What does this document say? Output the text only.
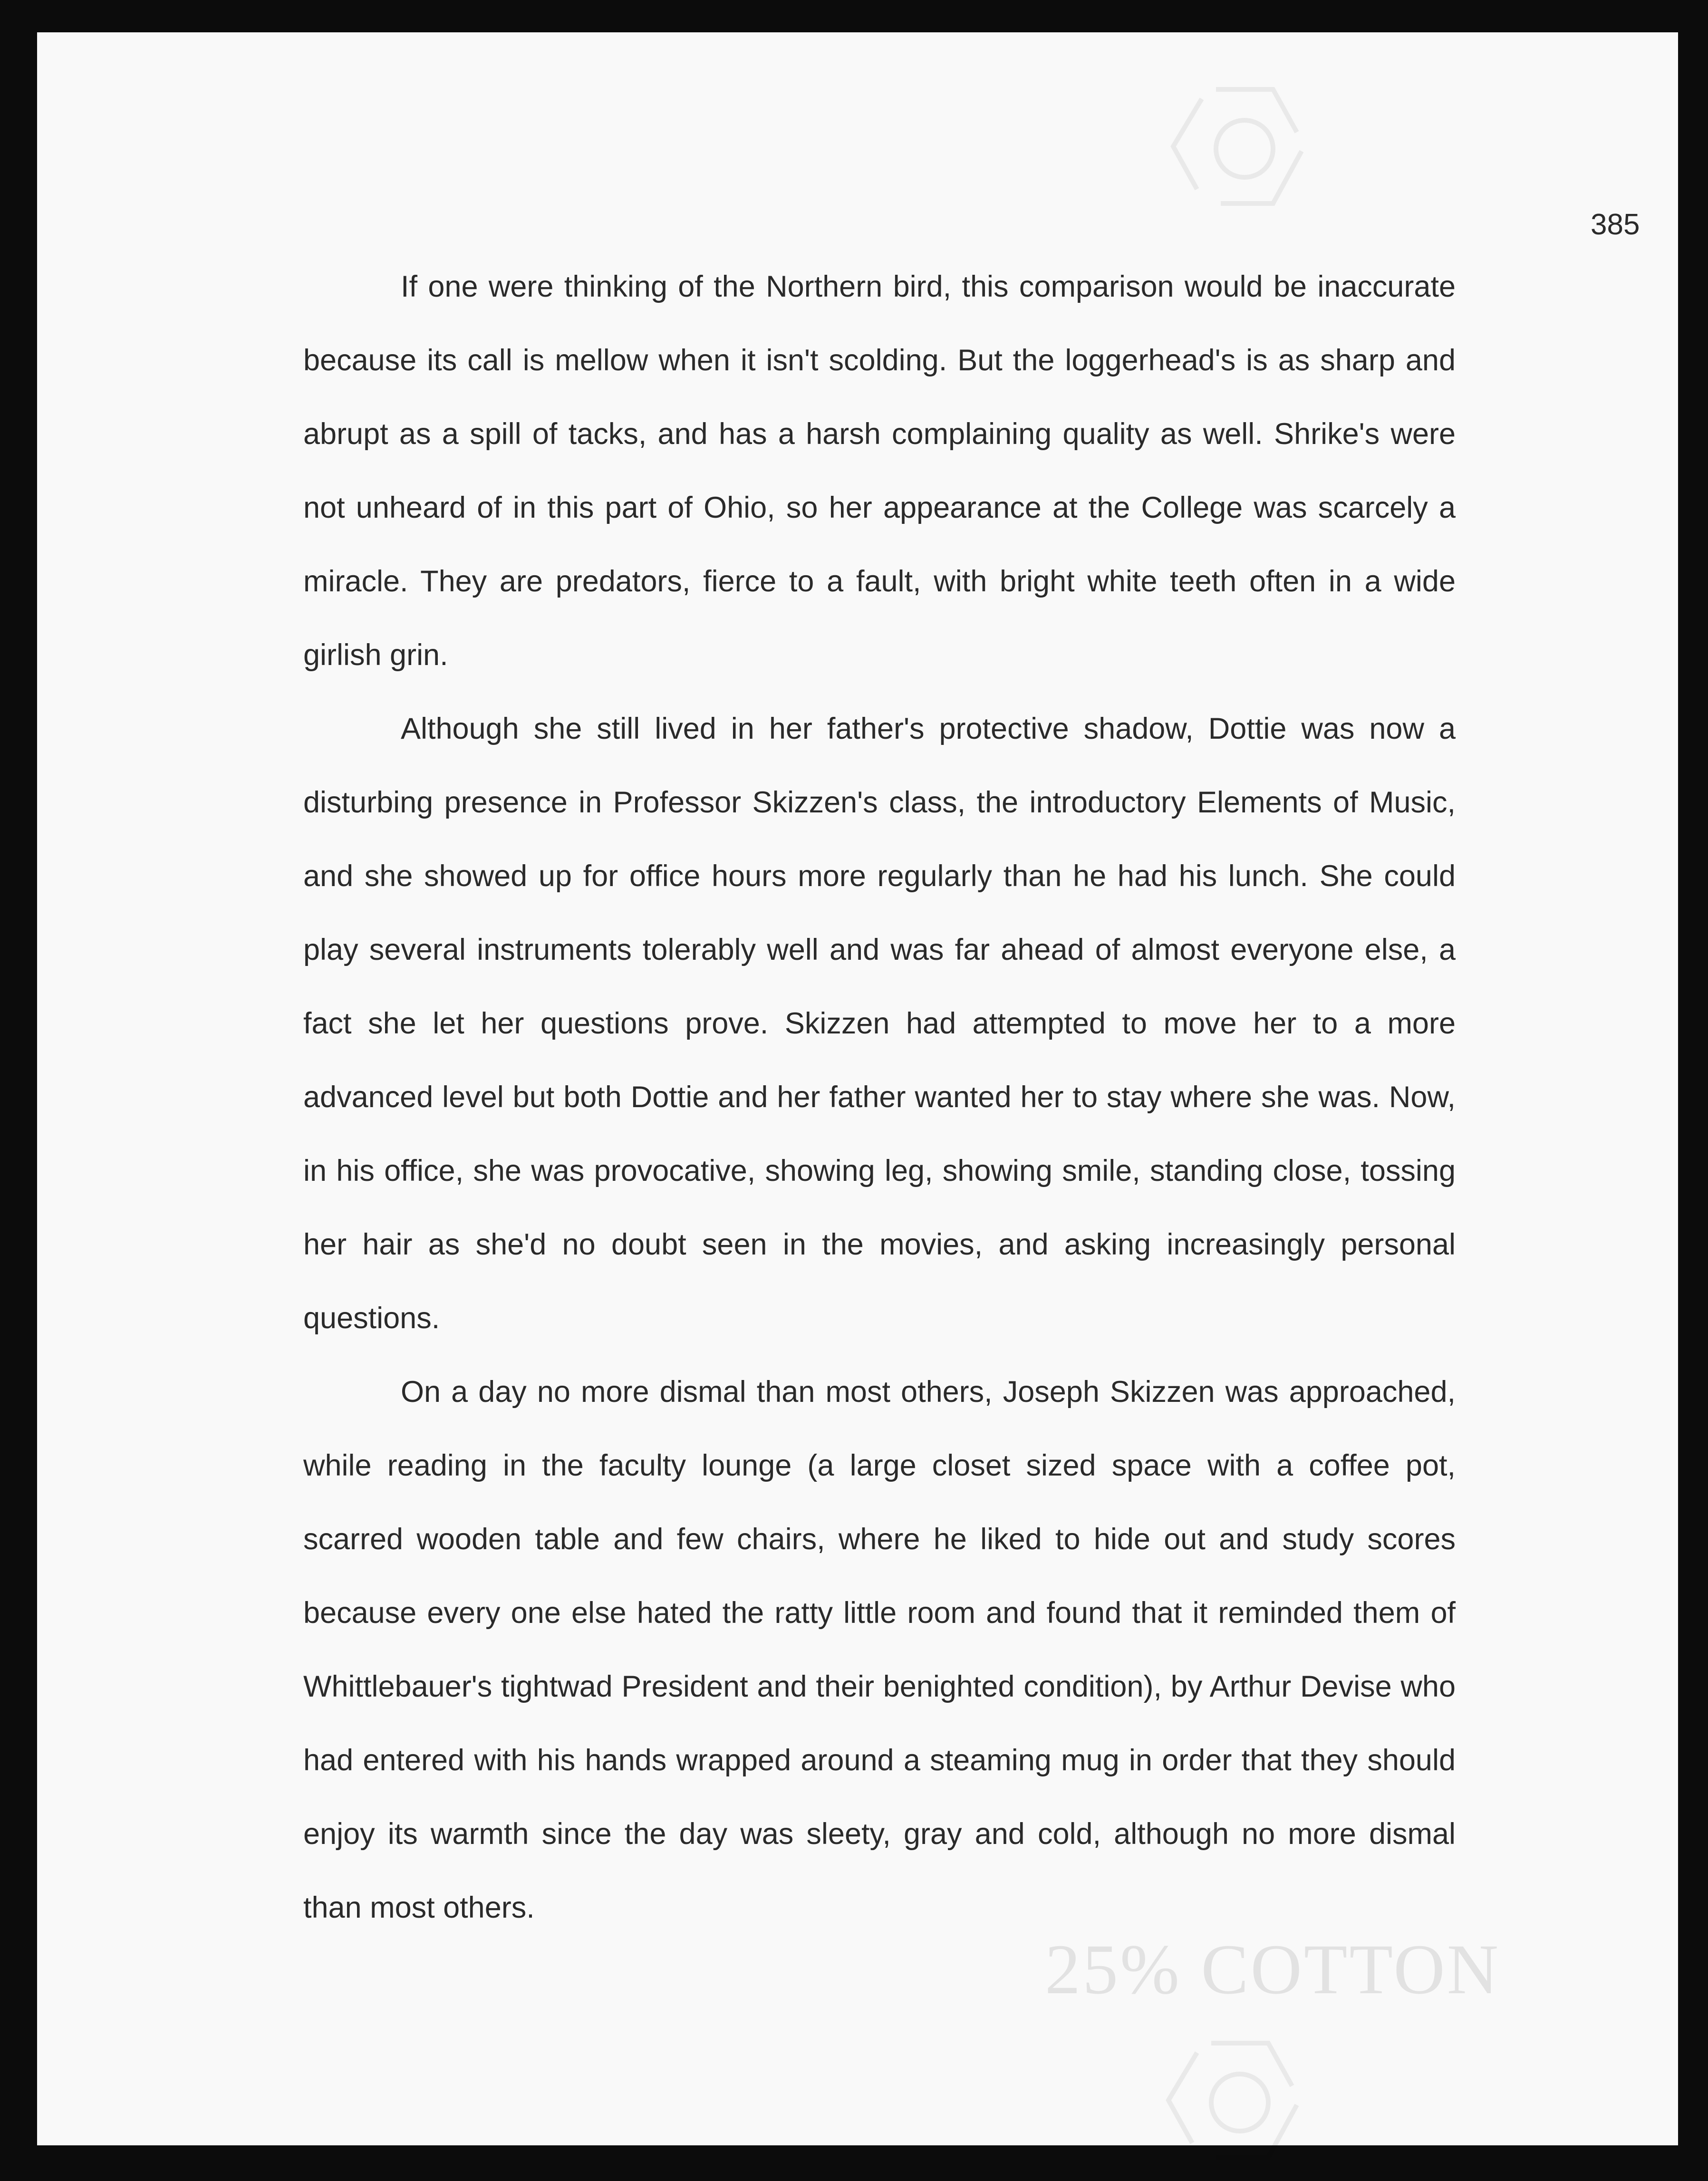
385

If one were thinking of the Northern bird, this comparison would be inaccurate because its call is mellow when it isn't scolding. But the loggerhead's is as sharp and abrupt as a spill of tacks, and has a harsh complaining quality as well. Shrike's were not unheard of in this part of Ohio, so her appearance at the College was scarcely a miracle. They are predators, fierce to a fault, with bright white teeth often in a wide girlish grin.

Although she still lived in her father's protective shadow, Dottie was now a disturbing presence in Professor Skizzen's class, the introductory Elements of Music, and she showed up for office hours more regularly than he had his lunch. She could play several instruments tolerably well and was far ahead of almost everyone else, a fact she let her questions prove. Skizzen had attempted to move her to a more advanced level but both Dottie and her father wanted her to stay where she was. Now, in his office, she was provocative, showing leg, showing smile, standing close, tossing her hair as she'd no doubt seen in the movies, and asking increasingly personal questions.

On a day no more dismal than most others, Joseph Skizzen was approached, while reading in the faculty lounge (a large closet sized space with a coffee pot, scarred wooden table and few chairs, where he liked to hide out and study scores because every one else hated the ratty little room and found that it reminded them of Whittlebauer's tightwad President and their benighted condition), by Arthur Devise who had entered with his hands wrapped around a steaming mug in order that they should enjoy its warmth since the day was sleety, gray and cold, although no more dismal than most others.

25% COTTON
